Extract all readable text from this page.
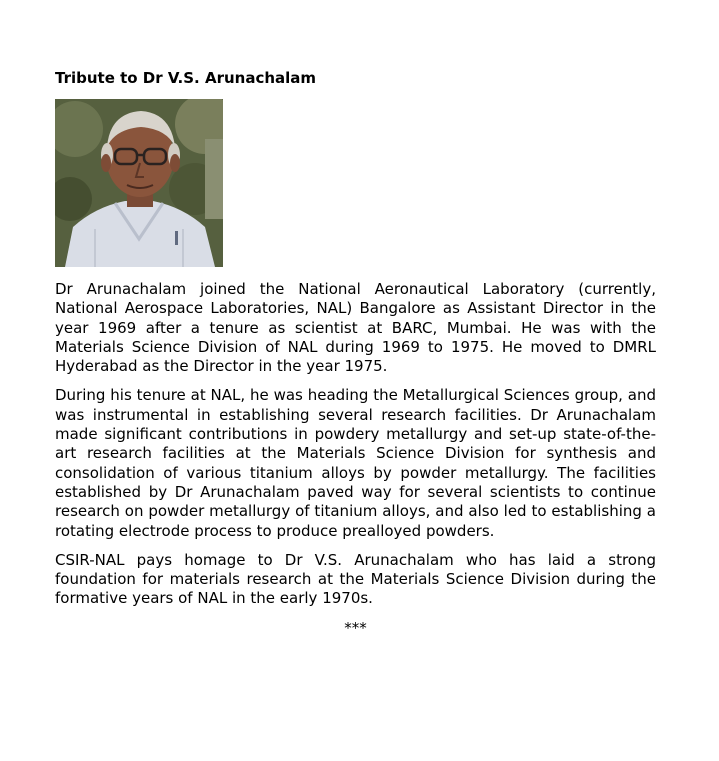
Tribute to Dr V.S. Arunachalam

Dr Arunachalam joined the National Aeronautical Laboratory (currently, National Aerospace Laboratories, NAL) Bangalore as Assistant Director in the year 1969 after a tenure as scientist at BARC, Mumbai. He was with the Materials Science Division of NAL during 1969 to 1975. He moved to DMRL Hyderabad as the Director in the year 1975.

During his tenure at NAL, he was heading the Metallurgical Sciences group, and was instrumental in establishing several research facilities. Dr Arunachalam made significant contributions in powdery metallurgy and set-up state-of-the-art research facilities at the Materials Science Division for synthesis and consolidation of various titanium alloys by powder metallurgy. The facilities established by Dr Arunachalam paved way for several scientists to continue research on powder metallurgy of titanium alloys, and also led to establishing a rotating electrode process to produce prealloyed powders.

CSIR-NAL pays homage to Dr V.S. Arunachalam who has laid a strong foundation for materials research at the Materials Science Division during the formative years of NAL in the early 1970s.

***
